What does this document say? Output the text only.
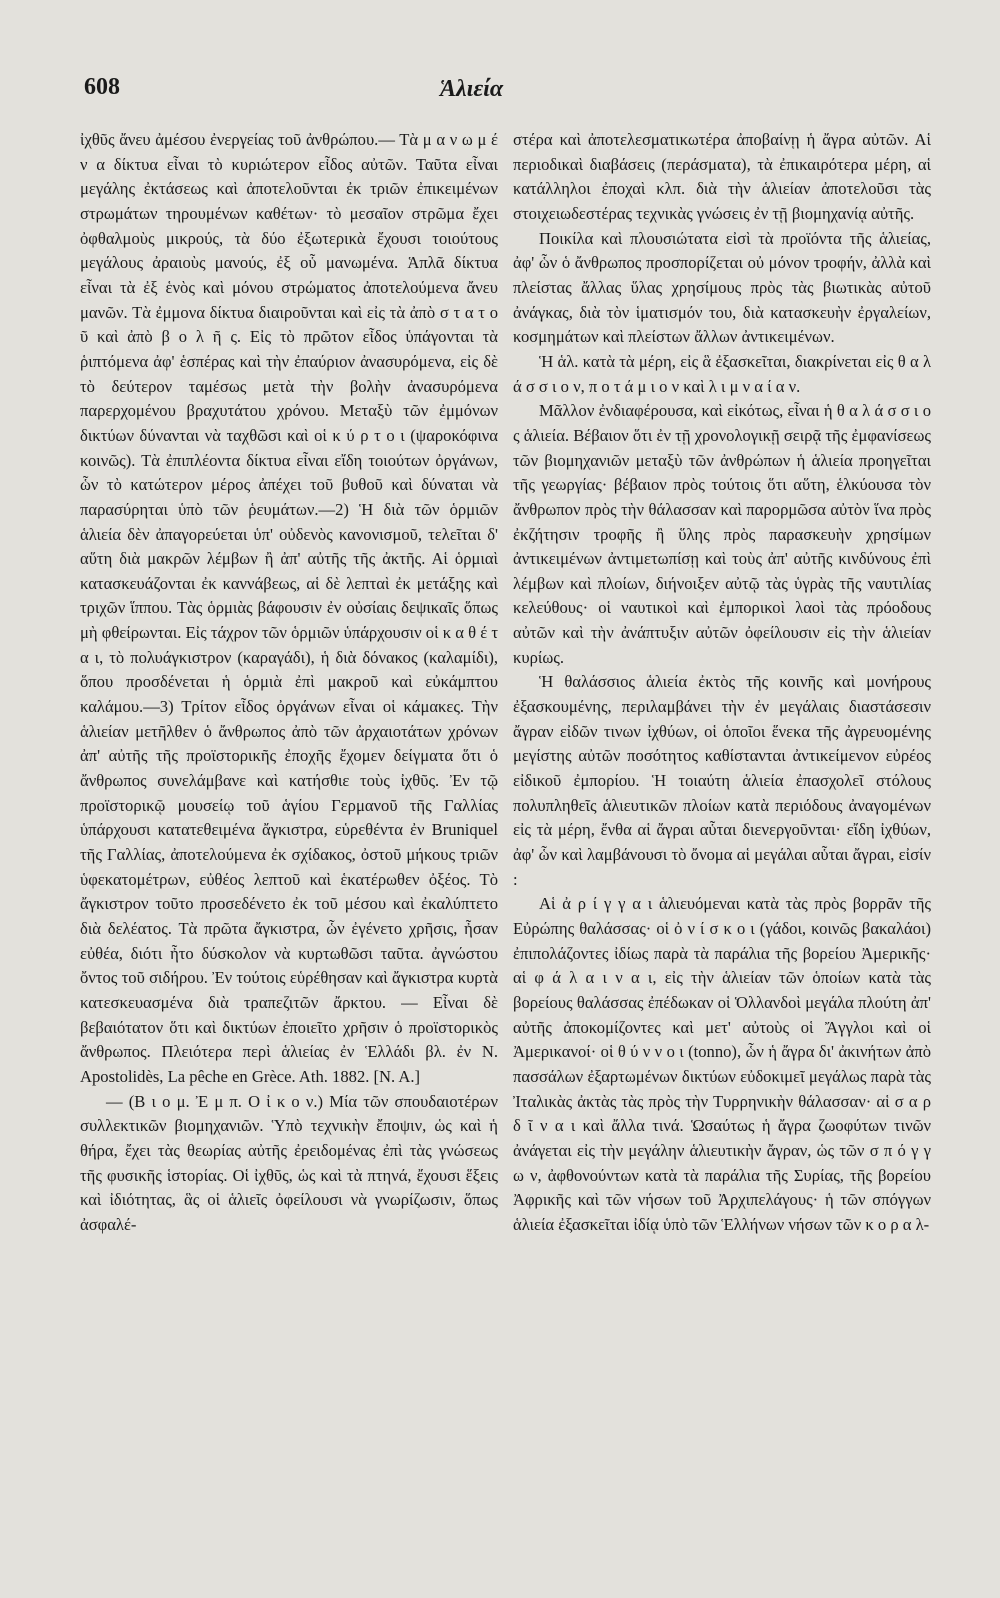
608	Ἁλιεία

ἰχθῦς ἄνευ ἀμέσου ἐνεργείας τοῦ ἀνθρώπου.— Τὰ μ α ν ω μ έ ν α δίκτυα εἶναι τὸ κυριώτερον εἶδος αὐτῶν. Ταῦτα εἶναι μεγάλης ἐκτάσεως καὶ ἀποτελοῦνται ἐκ τριῶν ἐπικειμένων στρωμάτων τηρουμένων καθέτων· τὸ μεσαῖον στρῶμα ἔχει ὀφθαλμοὺς μικρούς, τὰ δύο ἐξωτερικὰ ἔχουσι τοιούτους μεγάλους ἀραιοὺς μανούς, ἐξ οὗ μανωμένα. Ἁπλᾶ δίκτυα εἶναι τὰ ἐξ ἑνὸς καὶ μόνου στρώματος ἀποτελούμενα ἄνευ μανῶν. Τὰ ἐμμονα δίκτυα διαιροῦνται καὶ εἰς τὰ ἀπὸ σ τ α τ ο ῦ καὶ ἀπὸ β ο λ ῆ ς. Εἰς τὸ πρῶτον εἶδος ὑπάγονται τὰ ῥιπτόμενα ἀφ' ἑσπέρας καὶ τὴν ἐπαύριον ἀνασυρόμενα, εἰς δὲ τὸ δεύτερον ταμέσως μετὰ τὴν βολὴν ἀνασυρόμενα παρερχομένου βραχυτάτου χρόνου. Μεταξὺ τῶν ἐμμόνων δικτύων δύνανται νὰ ταχθῶσι καὶ οἱ κ ύ ρ τ ο ι (ψαροκόφινα κοινῶς). Τὰ ἐπιπλέοντα δίκτυα εἶναι εἴδη τοιούτων ὀργάνων, ὧν τὸ κατώτερον μέρος ἀπέχει τοῦ βυθοῦ καὶ δύναται νὰ παρασύρηται ὑπὸ τῶν ῥευμάτων.—2) Ἡ διὰ τῶν ὁρμιῶν ἁλιεία δὲν ἀπαγορεύεται ὑπ' οὐδενὸς κανονισμοῦ, τελεῖται δ' αὕτη διὰ μακρῶν λέμβων ἢ ἀπ' αὐτῆς τῆς ἀκτῆς. Αἱ ὁρμιαὶ κατασκευάζονται ἐκ καννάβεως, αἱ δὲ λεπταὶ ἐκ μετάξης καὶ τριχῶν ἵππου. Τὰς ὁρμιὰς βάφουσιν ἐν οὐσίαις δεψικαῖς ὅπως μὴ φθείρωνται. Εἰς τάχρον τῶν ὁρμιῶν ὑπάρχουσιν οἱ κ α θ έ τ α ι, τὸ πολυάγκιστρον (καραγάδι), ἡ διὰ δόνακος (καλαμίδι), ὅπου προσδένεται ἡ ὁρμιὰ ἐπὶ μακροῦ καὶ εὐκάμπτου καλάμου.—3) Τρίτον εἶδος ὀργάνων εἶναι οἱ κάμακες. Τὴν ἁλιείαν μετῆλθεν ὁ ἄνθρωπος ἀπὸ τῶν ἀρχαιοτάτων χρόνων ἀπ' αὐτῆς τῆς προϊστορικῆς ἐποχῆς ἔχομεν δείγματα ὅτι ὁ ἄνθρωπος συνελάμβανε καὶ κατήσθιε τοὺς ἰχθῦς. Ἐν τῷ προϊστορικῷ μουσείῳ τοῦ ἁγίου Γερμανοῦ τῆς Γαλλίας ὑπάρχουσι κατατεθειμένα ἄγκιστρα, εὑρεθέντα ἐν Bruniquel τῆς Γαλλίας, ἀποτελούμενα ἐκ σχίδακος, ὀστοῦ μήκους τριῶν ὑφεκατομέτρων, εὐθέος λεπτοῦ καὶ ἑκατέρωθεν ὀξέος. Τὸ ἄγκιστρον τοῦτο προσεδένετο ἐκ τοῦ μέσου καὶ ἐκαλύπτετο διὰ δελέατος. Τὰ πρῶτα ἄγκιστρα, ὧν ἐγένετο χρῆσις, ἦσαν εὐθέα, διότι ἦτο δύσκολον νὰ κυρτωθῶσι ταῦτα. ἀγνώστου ὄντος τοῦ σιδήρου. Ἐν τούτοις εὑρέθησαν καὶ ἄγκιστρα κυρτὰ κατεσκευασμένα διὰ τραπεζιτῶν ἄρκτου. — Εἶναι δὲ βεβαιότατον ὅτι καὶ δικτύων ἐποιεῖτο χρῆσιν ὁ προϊστορικὸς ἄνθρωπος. Πλειότερα περὶ ἁλιείας ἐν Ἑλλάδι βλ. ἐν N. Apostolidès, La pêche en Grèce. Ath. 1882. [N. A.]

— (Β ι ο μ. Ἐ μ π. Ο ἰ κ ο ν.) Μία τῶν σπουδαιοτέρων συλλεκτικῶν βιομηχανιῶν. Ὑπὸ τεχνικὴν ἔποψιν, ὡς καὶ ἡ θήρα, ἔχει τὰς θεωρίας αὐτῆς ἐρειδομένας ἐπὶ τὰς γνώσεως τῆς φυσικῆς ἱστορίας. Οἱ ἰχθῦς, ὡς καὶ τὰ πτηνά, ἔχουσι ἕξεις καὶ ἰδιότητας, ἃς οἱ ἁλιεῖς ὀφείλουσι νὰ γνωρίζωσιν, ὅπως ἀσφαλέ-

στέρα καὶ ἀποτελεσματικωτέρα ἀποβαίνῃ ἡ ἄγρα αὐτῶν. Αἱ περιοδικαὶ διαβάσεις (περάσματα), τὰ ἐπικαιρότερα μέρη, αἱ κατάλληλοι ἐποχαὶ κλπ. διὰ τὴν ἁλιείαν ἀποτελοῦσι τὰς στοιχειωδεστέρας τεχνικὰς γνώσεις ἐν τῇ βιομηχανίᾳ αὐτῆς.

Ποικίλα καὶ πλουσιώτατα εἰσὶ τὰ προϊόντα τῆς ἁλιείας, ἀφ' ὧν ὁ ἄνθρωπος προσπορίζεται οὐ μόνον τροφήν, ἀλλὰ καὶ πλείστας ἄλλας ὕλας χρησίμους πρὸς τὰς βιωτικὰς αὐτοῦ ἀνάγκας, διὰ τὸν ἱματισμόν του, διὰ κατασκευὴν ἐργαλείων, κοσμημάτων καὶ πλείστων ἄλλων ἀντικειμένων.

Ἡ ἁλ. κατὰ τὰ μέρη, εἰς ἃ ἐξασκεῖται, διακρίνεται εἰς θ α λ ά σ σ ι ο ν, π ο τ ά μ ι ο ν καὶ λ ι μ ν α ί α ν.

Μᾶλλον ἐνδιαφέρουσα, καὶ εἰκότως, εἶναι ἡ θ α λ ά σ σ ι ο ς ἁλιεία. Βέβαιον ὅτι ἐν τῇ χρονολογικῇ σειρᾷ τῆς ἐμφανίσεως τῶν βιομηχανιῶν μεταξὺ τῶν ἀνθρώπων ἡ ἁλιεία προηγεῖται τῆς γεωργίας· βέβαιον πρὸς τούτοις ὅτι αὕτη, ἑλκύουσα τὸν ἄνθρωπον πρὸς τὴν θάλασσαν καὶ παρορμῶσα αὐτὸν ἵνα πρὸς ἐκζήτησιν τροφῆς ἢ ὕλης πρὸς παρασκευὴν χρησίμων ἀντικειμένων ἀντιμετωπίσῃ καὶ τοὺς ἀπ' αὐτῆς κινδύνους ἐπὶ λέμβων καὶ πλοίων, διήνοιξεν αὐτῷ τὰς ὑγρὰς τῆς ναυτιλίας κελεύθους· οἱ ναυτικοὶ καὶ ἐμπορικοὶ λαοὶ τὰς πρόοδους αὐτῶν καὶ τὴν ἀνάπτυξιν αὐτῶν ὀφείλουσιν εἰς τὴν ἁλιείαν κυρίως.

Ἡ θαλάσσιος ἁλιεία ἐκτὸς τῆς κοινῆς καὶ μονήρους ἐξασκουμένης, περιλαμβάνει τὴν ἐν μεγάλαις διαστάσεσιν ἄγραν εἰδῶν τινων ἰχθύων, οἱ ὁποῖοι ἕνεκα τῆς ἀγρευομένης μεγίστης αὐτῶν ποσότητος καθίστανται ἀντικείμενον εὐρέος εἰδικοῦ ἐμπορίου. Ἡ τοιαύτη ἁλιεία ἐπασχολεῖ στόλους πολυπληθεῖς ἁλιευτικῶν πλοίων κατὰ περιόδους ἀναγομένων εἰς τὰ μέρη, ἔνθα αἱ ἄγραι αὗται διενεργοῦνται· εἴδη ἰχθύων, ἀφ' ὧν καὶ λαμβάνουσι τὸ ὄνομα αἱ μεγάλαι αὗται ἄγραι, εἰσίν :

Αἱ ἀ ρ ί γ γ α ι ἁλιευόμεναι κατὰ τὰς πρὸς βορρᾶν τῆς Εὐρώπης θαλάσσας· οἱ ὀ ν ί σ κ ο ι (γάδοι, κοινῶς βακαλάοι) ἐπιπολάζοντες ἰδίως παρὰ τὰ παράλια τῆς βορείου Ἀμερικῆς· αἱ φ ά λ α ι ν α ι, εἰς τὴν ἁλιείαν τῶν ὁποίων κατὰ τὰς βορείους θαλάσσας ἐπέδωκαν οἱ Ὁλλανδοὶ μεγάλα πλούτη ἀπ' αὐτῆς ἀποκομίζοντες καὶ μετ' αὐτοὺς οἱ Ἄγγλοι καὶ οἱ Ἀμερικανοί· οἱ θ ύ ν ν ο ι (tonno), ὧν ἡ ἄγρα δι' ἀκινήτων ἀπὸ πασσάλων ἐξαρτωμένων δικτύων εὐδοκιμεῖ μεγάλως παρὰ τὰς Ἰταλικὰς ἀκτὰς τὰς πρὸς τὴν Τυρρηνικὴν θάλασσαν· αἱ σ α ρ δ ῖ ν α ι καὶ ἄλλα τινά. Ὡσαύτως ἡ ἄγρα ζωοφύτων τινῶν ἀνάγεται εἰς τὴν μεγάλην ἁλιευτικὴν ἄγραν, ὡς τῶν σ π ό γ γ ω ν, ἀφθονούντων κατὰ τὰ παράλια τῆς Συρίας, τῆς βορείου Ἀφρικῆς καὶ τῶν νήσων τοῦ Ἀρχιπελάγους· ἡ τῶν σπόγγων ἁλιεία ἐξασκεῖται ἰδίᾳ ὑπὸ τῶν Ἑλλήνων νήσων τῶν κ ο ρ α λ-
